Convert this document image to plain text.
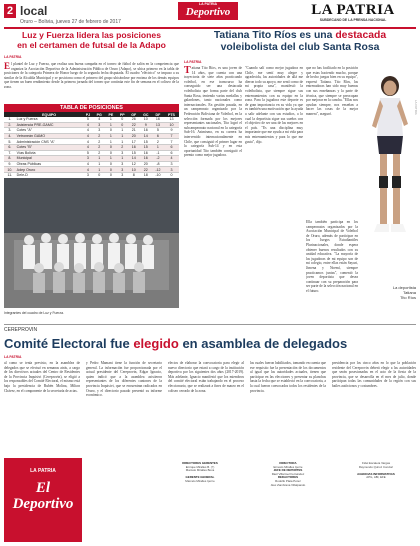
2 local
Oruro – Bolivia, jueves 27 de febrero de 2017
LA PATRIA
Deportivo	LA PATRIA
SUBDECANO DE LA PRENSA NACIONAL
Luz y Fuerza lidera las posiciones
en el certamen de futsal de la Adapo
LA PATRIA
E l plantel de Luz y Fuerza, que realiza una buena campaña en el torneo de fútbol de salón en la competencia que organiza la Asociación Deportiva de la Administración Pública de Oruro (Adapo), se ubica primero en la tabla de posiciones de la categoría Primera de Honor luego de la segunda fecha disputada. El cuadro "eléctrico" se impuso a su similar de la Alcaldía Municipal y se posiciona como el primero del grupo ubicándose por encima de los demás equipos que tienen un buen rendimiento desde la primera jornada del torneo que continúa este fin de semana en el coliseo de la zona.
TABLA DE POSICIONES
	EQUIPO	PJ	PG	PE	PP	GF	GC	DF	PTS
1.	Luz y Fuerza	5	4	1	0	26	10	16	13
2.	Asistencia PRE-GAMC	4	3	1	0	22	9	13	10
3.	Cotes "A"	4	3	0	1	21	16	5	9
4.	Vetroneán GAMO	4	2	1	1	20	14	6	7
5.	Administración CNS "A"	4	2	1	1	17	15	2	7
6.	Cotes "B"	4	2	0	2	16	15	1	6
7.	Vías Bolivia	5	2	0	3	15	16	-1	6
8.	Municipal	3	1	1	1	14	16	-2	4
9.	Obras Públicas	4	1	0	3	12	20	-8	3
10.	Adep Oruro	4	1	0	3	10	22	-12	3
11.	Dele-D	3	0	0	3	8	18	-10	0
Integrantes del cuadro de Luz y Fuerza.
Tatiana Tito Ríos es una destacada
voleibolista del club Santa Rosa
LA PATRIA
T atiana Tito Ríos, es una joven de 14 años, que cuenta con una trayectoria de siete años practicando voleibol, en ese transcurso ha conseguido ser una destacada voleibolista que forma parte del club Santa Rosa, teniendo varias medallas y galardones, tanto nacionales como internacionales. En gestión pasada, en un campeonato organizado por la Federación Boliviana de Voleibol, en la selección formada por los mejores representantes nacionales, Tito logró el subcampeonato nacional en la categoría Sub-16. Asimismo, en su carrera ha intervenido internacionalmente en Chile, que consiguió el primer lugar en la categoría Sub-14 y en esta oportunidad Tito también consiguió el premio como mejor jugadora.
"Cuando salí como mejor jugadora en Chile, me sentí muy alegre y agradecida, las autoridades de allá me dieron todo su apoyo, me sentí como de mi propia casa", manifestó la voleibolista, que siempre sigue sus entrenamientos con su equipo en la zona. Para la jugadora este deporte es de gran importancia en su vida ya que es también una motivación que la ayuda a salir adelante con sus estudios, a lo cual la deportista sigue sus sueños con el objetivo de ser una de las mejores en el país. "Es una disciplina muy importante que me ayuda a mi vida para mis entrenamientos y para lo que me gusta", dijo.
que no has facilitado en la posición que estas haciendo mucho, porque de hecho juegas bien en su equipo", expresó Tatiana. Tito Ríos, las entrenadoras han sido muy buenas con sus enseñanzas y la parte de técnica, que siempre se preocupan por mejorar en la cancha. "Ellas nos ayudan siempre, nos enseñan a hacer las cosas de la mejor manera", aseguró.
Ella también participa en los campeonatos organizados por la Asociación Municipal de Voleibol de Oruro, además de participar en los Juegos Estudiantiles Plurinacionales, donde espera obtener buenos resultados con su unidad educativa. "La mayoría de las jugadoras de mi equipo son de mi colegio, entre ellas están Sayuri, Jimena y Noemí, siempre practicamos juntas", comentó la joven deportista que desea continuar con su preparación para ser parte de la selección nacional en el futuro.
La deportista
Tatiana
Tito Ríos
LA PATRIA
CEREPROVIN
Comité Electoral fue elegido en asamblea de delegados
LA PATRIA
al como se tenía previsto, en la asamblea de delegados que se efectuó en semanas atrás, a cargo de los directivos actuales del Centro de Residentes de la Provincia Inquisivi (Cereprovin), se eligió a los responsables del Comité Electoral, el mismo está bajo la presidencia de Rubén Molina, Milton Chávez, en el componente de la secretaría de actas.
y Pedro Mamani tiene la función de secretario general. La información fue proporcionada por el actual presidente del Cereprovin, Edgar Ignacio, quien indicó que a la asamblea asistieron representantes de los diferentes cantones de la provincia Inquisivi, que se encuentran radicados en Oruro, y el directorio pasado presentó su informe económico.
electos de elaborar la convocatoria para elegir al nuevo directorio que estará a cargo de la institución deportiva por los siguientes dos años (2017-2019). Más adelante, Ignacio manifestó que los miembros del comité electoral están trabajando en el proceso eleccionario, que se realizará a fines de marzo en el coliseo cerrado de la zona.
las cuales fueron habilitados, tomando en cuenta que ese requisito fue la presentación de los documentos al igual que las autoridades actuales, tienen que participar en las elecciones y presentar su planchas hasta la fecha que se estableció en la convocatoria, a la cual fueron convocados todos los residentes de la provincia.
presidencia por los cinco años en lo que la población residente del Cereprovin deberá elegir a las autoridades que serán posesionadas en el acto de la fiesta de la provincia, que se desarrolla en el mes de julio, donde participan todas las comunidades de la región con sus bailes autóctonos y costumbres.
LA PATRIA
El Deportivo
DIRECTORES GERENTES
Enrique Miralles B. (†)
Marcelo Miralles Bova

GERENTE GENERAL
Marcelo Miralles Iporre
DIRECTORA
Ernesto Miralles Iporre
JEFE DE DEPORTES
Raúl Villarroel Fernández
REDACTORES
Rodolfo Plata Pérez
Alex Zambrana Villalpando
Fidel Escalera Vargas
Raymundo Quiroz Condori

AGENCIAS INFORMATIVAS
APG, ABI, EFE
